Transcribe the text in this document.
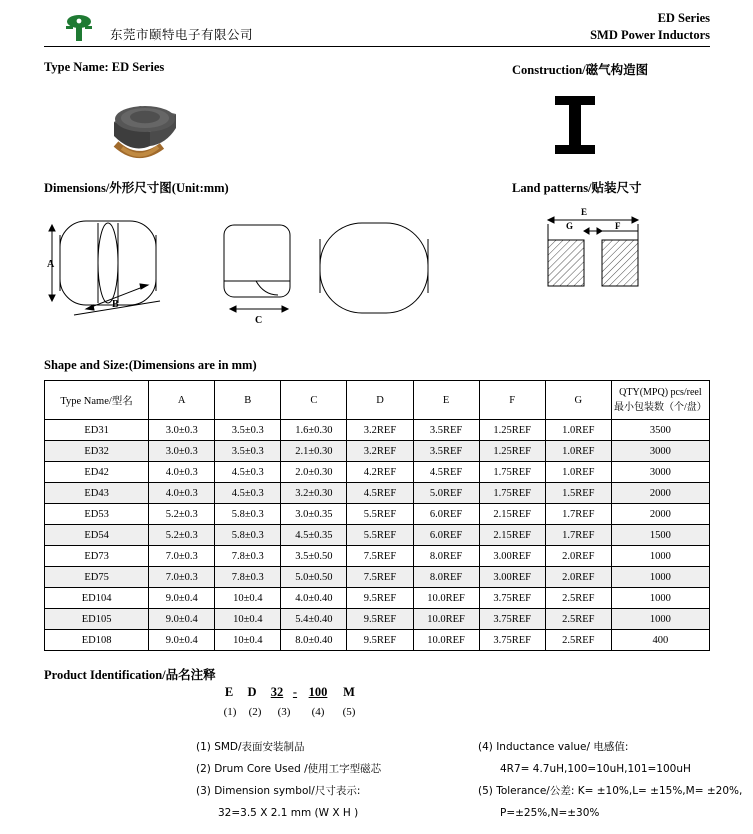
东莞市颐特电子有限公司
ED Series
SMD Power Inductors
Type Name: ED Series	Construction/磁气构造图
Dimensions/外形尺寸图(Unit:mm)
A
B
C
Land patterns/贴装尺寸
E
G	F
Shape and Size:(Dimensions are in mm)
Type Name/型名	A	B	C	D	E	F	G	QTY(MPQ) pcs/reel
最小包装数（个/盘）

ED31	3.0±0.3	3.5±0.3	1.6±0.30	3.2REF	3.5REF	1.25REF	1.0REF	3500
ED32	3.0±0.3	3.5±0.3	2.1±0.30	3.2REF	3.5REF	1.25REF	1.0REF	3000
ED42	4.0±0.3	4.5±0.3	2.0±0.30	4.2REF	4.5REF	1.75REF	1.0REF	3000
ED43	4.0±0.3	4.5±0.3	3.2±0.30	4.5REF	5.0REF	1.75REF	1.5REF	2000
ED53	5.2±0.3	5.8±0.3	3.0±0.35	5.5REF	6.0REF	2.15REF	1.7REF	2000
ED54	5.2±0.3	5.8±0.3	4.5±0.35	5.5REF	6.0REF	2.15REF	1.7REF	1500
ED73	7.0±0.3	7.8±0.3	3.5±0.50	7.5REF	8.0REF	3.00REF	2.0REF	1000
ED75	7.0±0.3	7.8±0.3	5.0±0.50	7.5REF	8.0REF	3.00REF	2.0REF	1000
ED104	9.0±0.4	10±0.4	4.0±0.40	9.5REF	10.0REF	3.75REF	2.5REF	1000
ED105	9.0±0.4	10±0.4	5.4±0.40	9.5REF	10.0REF	3.75REF	2.5REF	1000
ED108	9.0±0.4	10±0.4	8.0±0.40	9.5REF	10.0REF	3.75REF	2.5REF	400
Product Identification/品名注释
E D 32 - 100 M
(1) (2) (3) (4) (5)
(1) SMD/表面安装制品
(2) Drum Core Used /使用工字型磁芯
(3) Dimension symbol/尺寸表示:
32=3.5 X 2.1 mm (W X H )
(4) Inductance value/ 电感值:
4R7= 4.7uH,100=10uH,101=100uH
(5) Tolerance/公差: K= ±10%,L= ±15%,M= ±20%,
P=±25%,N=±30%
